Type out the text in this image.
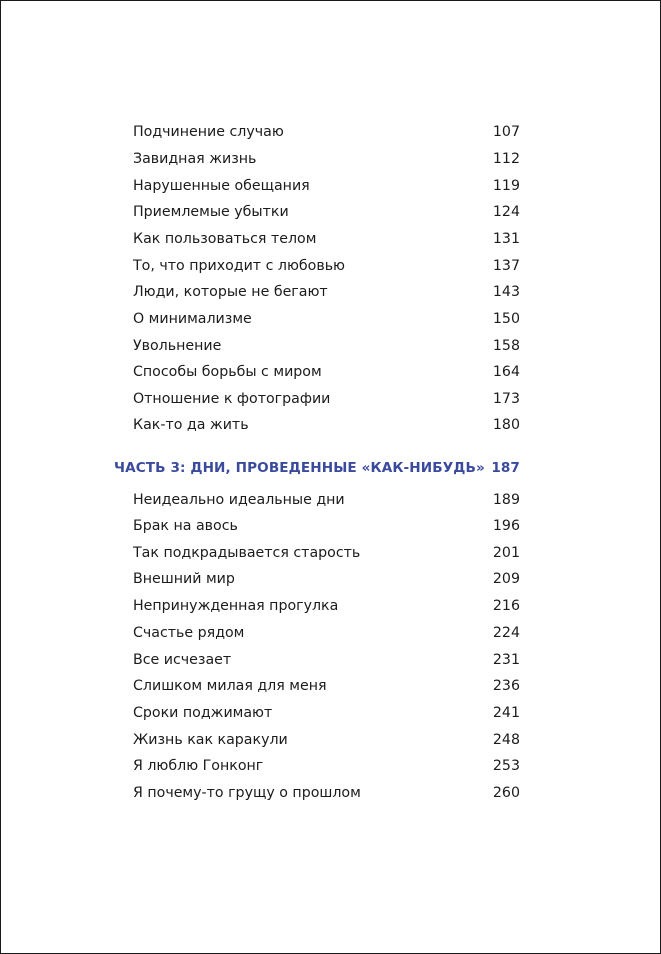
Подчинение случаю	107
Завидная жизнь	112
Нарушенные обещания	119
Приемлемые убытки	124
Как пользоваться телом	131
То, что приходит с любовью	137
Люди, которые не бегают	143
О минимализме	150
Увольнение	158
Способы борьбы с миром	164
Отношение к фотографии	173
Как-то да жить	180
ЧАСТЬ 3: ДНИ, ПРОВЕДЕННЫЕ «КАК-НИБУДЬ» 187
Неидеально идеальные дни	189
Брак на авось	196
Так подкрадывается старость	201
Внешний мир	209
Непринужденная прогулка	216
Счастье рядом	224
Все исчезает	231
Слишком милая для меня	236
Сроки поджимают	241
Жизнь как каракули	248
Я люблю Гонконг	253
Я почему-то грущу о прошлом	260
